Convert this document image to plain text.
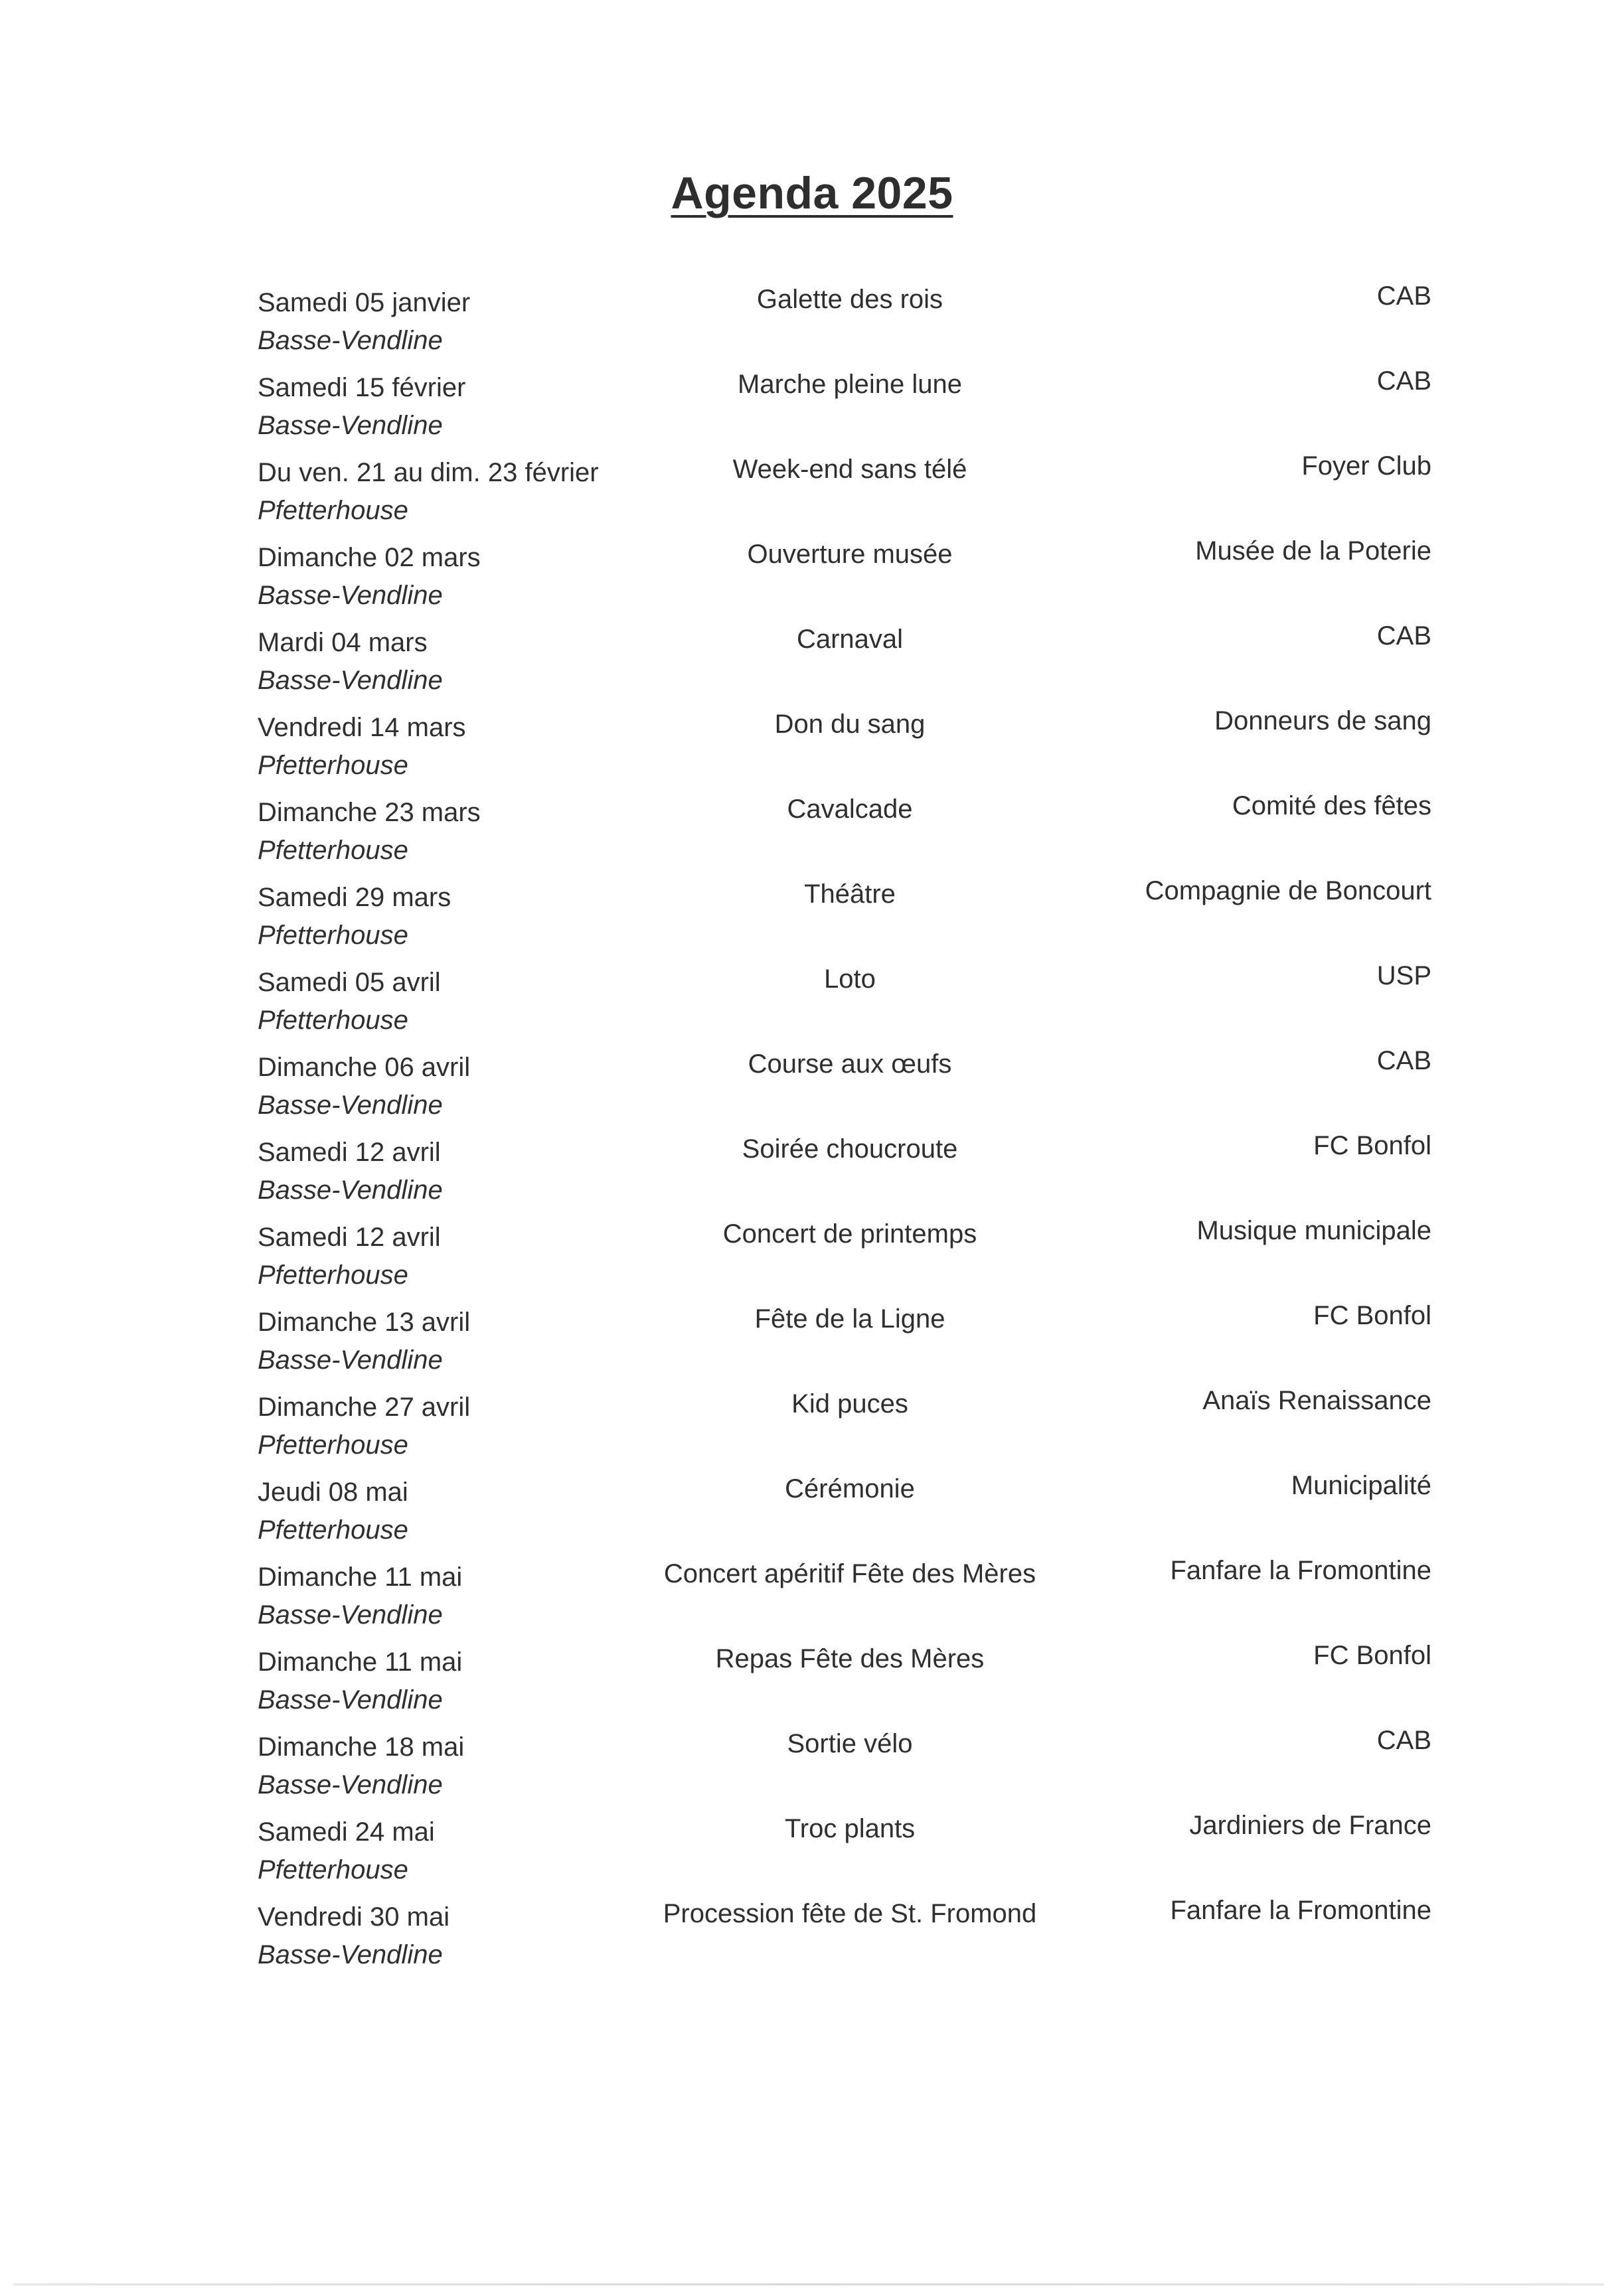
Agenda 2025
Samedi 05 janvier
Basse-Vendline
Galette des rois	CAB
Samedi 15 février
Basse-Vendline
Marche pleine lune	CAB
Du ven. 21 au dim. 23 février
Pfetterhouse
Week-end sans télé	Foyer Club
Dimanche 02 mars
Basse-Vendline
Ouverture musée	Musée de la Poterie
Mardi 04 mars
Basse-Vendline
Carnaval	CAB
Vendredi 14 mars
Pfetterhouse
Don du sang	Donneurs de sang
Dimanche 23 mars
Pfetterhouse
Cavalcade	Comité des fêtes
Samedi 29 mars
Pfetterhouse
Théâtre	Compagnie de Boncourt
Samedi 05 avril
Pfetterhouse
Loto	USP
Dimanche 06 avril
Basse-Vendline
Course aux œufs	CAB
Samedi 12 avril
Basse-Vendline
Soirée choucroute	FC Bonfol
Samedi 12 avril
Pfetterhouse
Concert de printemps	Musique municipale
Dimanche 13 avril
Basse-Vendline
Fête de la Ligne	FC Bonfol
Dimanche 27 avril
Pfetterhouse
Kid puces	Anaïs Renaissance
Jeudi 08 mai
Pfetterhouse
Cérémonie	Municipalité
Dimanche 11 mai
Basse-Vendline
Concert apéritif Fête des Mères	Fanfare la Fromontine
Dimanche 11 mai
Basse-Vendline
Repas Fête des Mères	FC Bonfol
Dimanche 18 mai
Basse-Vendline
Sortie vélo	CAB
Samedi 24 mai
Pfetterhouse
Troc plants	Jardiniers de France
Vendredi 30 mai
Basse-Vendline
Procession fête de St. Fromond	Fanfare la Fromontine
